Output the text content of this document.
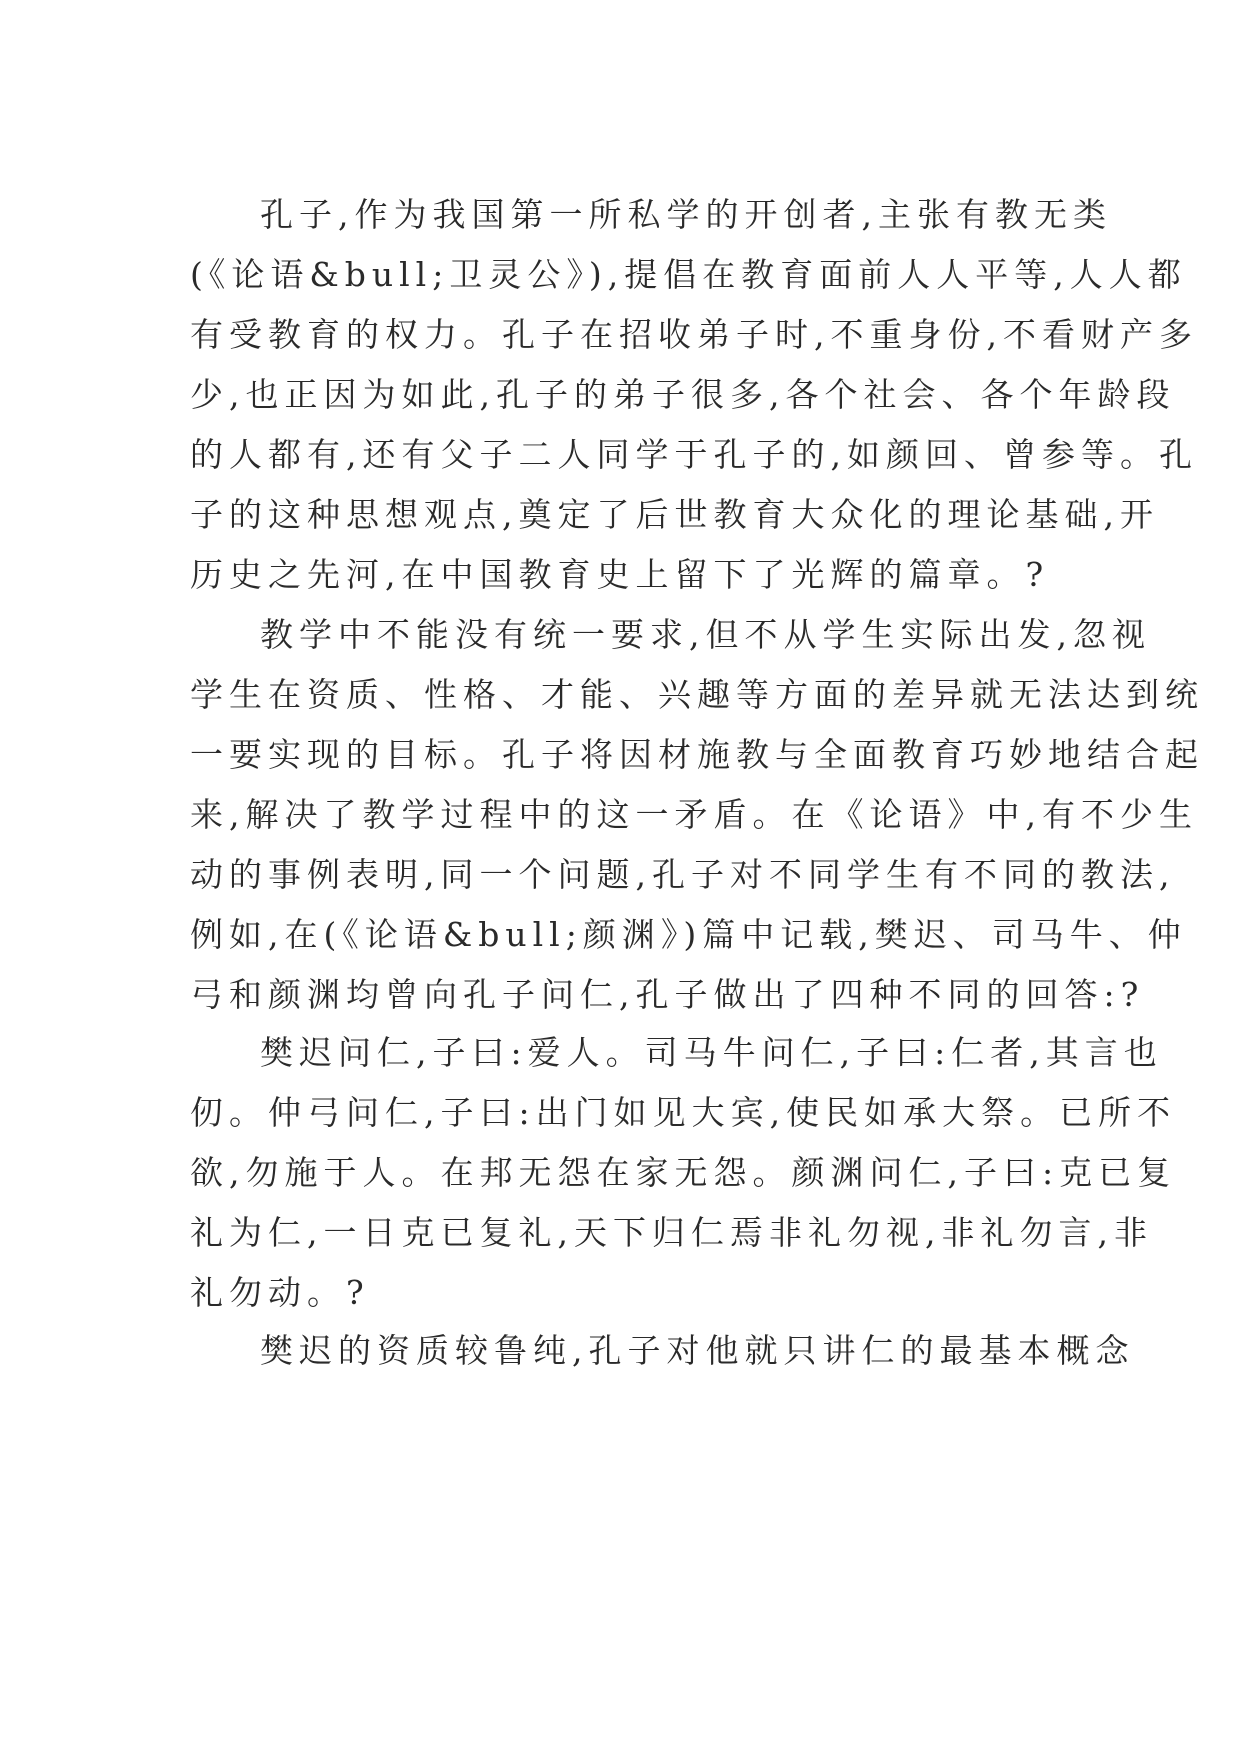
孔子,作为我国第一所私学的开创者,主张有教无类
(《论语&bull;卫灵公》),提倡在教育面前人人平等,人人都
有受教育的权力。孔子在招收弟子时,不重身份,不看财产多
少,也正因为如此,孔子的弟子很多,各个社会、各个年龄段
的人都有,还有父子二人同学于孔子的,如颜回、曾参等。孔
子的这种思想观点,奠定了后世教育大众化的理论基础,开
历史之先河,在中国教育史上留下了光辉的篇章。?
教学中不能没有统一要求,但不从学生实际出发,忽视
学生在资质、性格、才能、兴趣等方面的差异就无法达到统
一要实现的目标。孔子将因材施教与全面教育巧妙地结合起
来,解决了教学过程中的这一矛盾。在《论语》中,有不少生
动的事例表明,同一个问题,孔子对不同学生有不同的教法,
例如,在(《论语&bull;颜渊》)篇中记载,樊迟、司马牛、仲
弓和颜渊均曾向孔子问仁,孔子做出了四种不同的回答:?
樊迟问仁,子曰:爱人。司马牛问仁,子曰:仁者,其言也
仞。仲弓问仁,子曰:出门如见大宾,使民如承大祭。已所不
欲,勿施于人。在邦无怨在家无怨。颜渊问仁,子曰:克已复
礼为仁,一日克已复礼,天下归仁焉非礼勿视,非礼勿言,非
礼勿动。?
樊迟的资质较鲁纯,孔子对他就只讲仁的最基本概念
